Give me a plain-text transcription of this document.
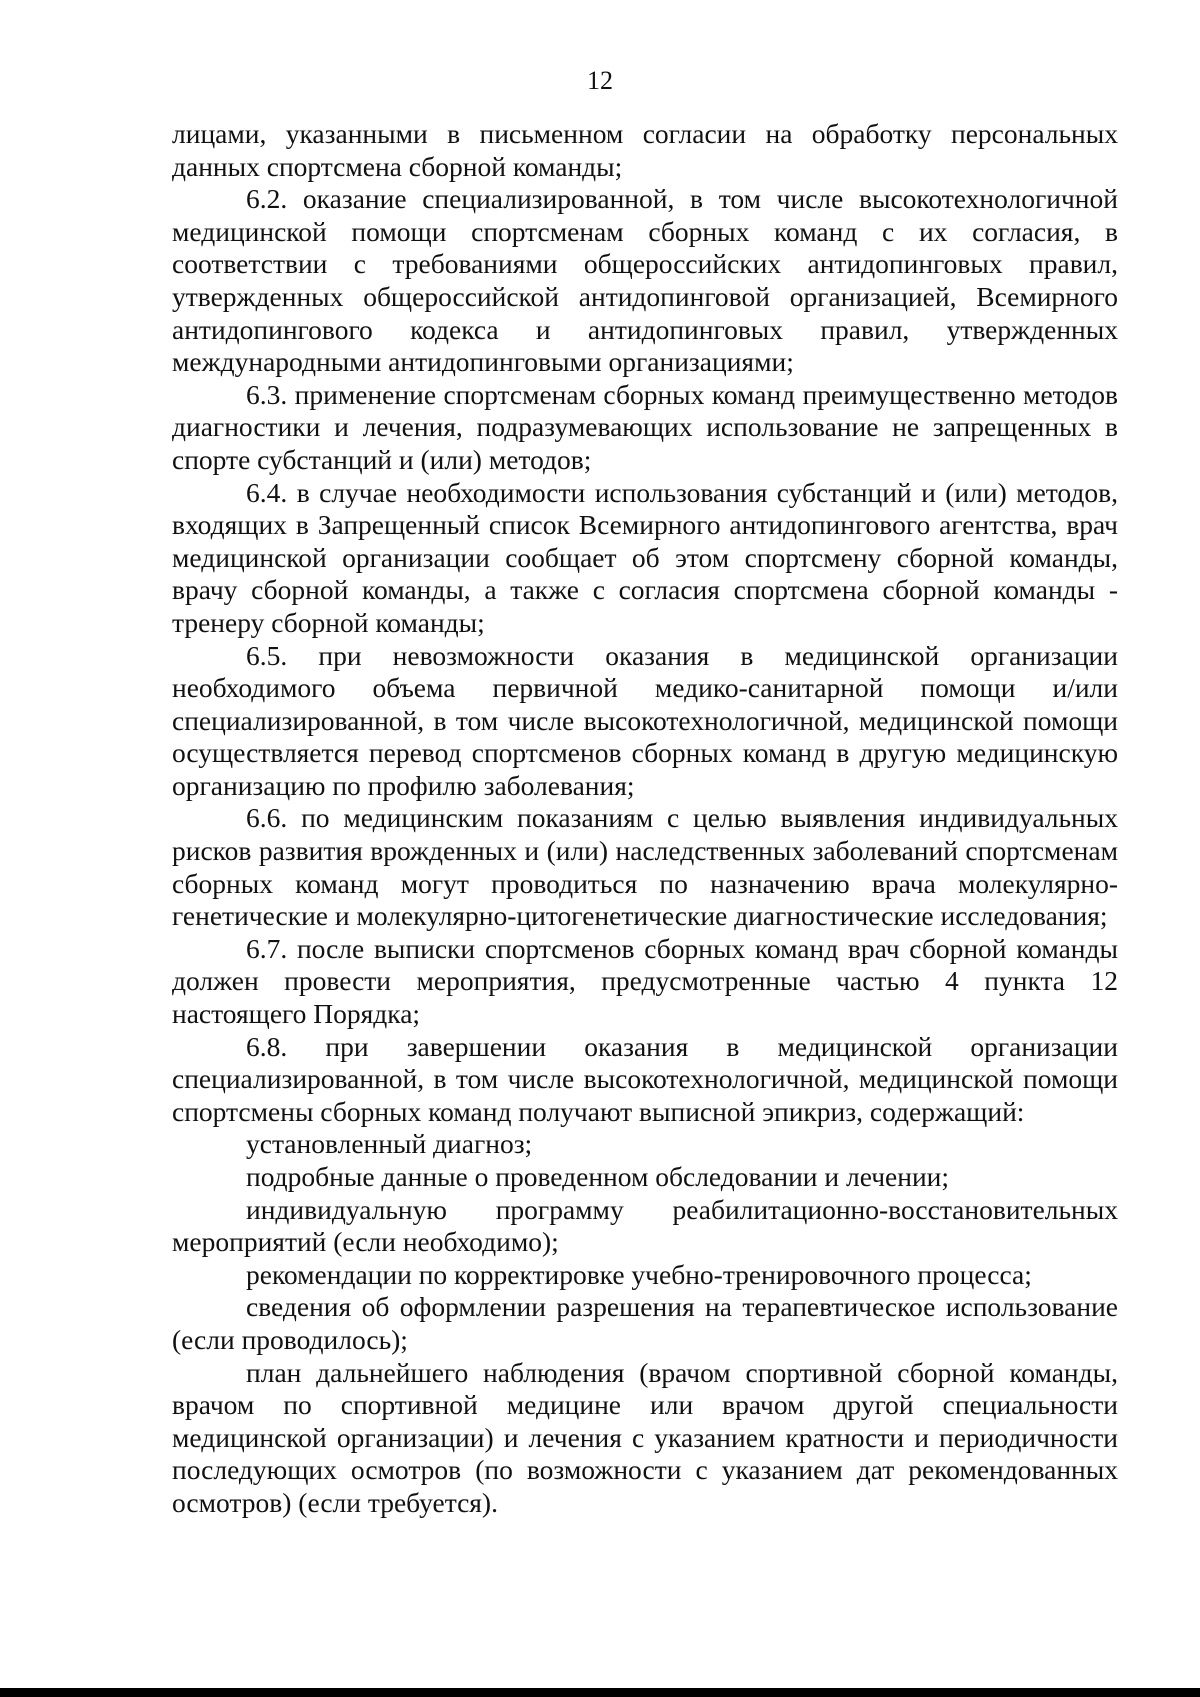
12

лицами, указанными в письменном согласии на обработку персональных данных спортсмена сборной команды;

6.2. оказание специализированной, в том числе высокотехнологичной медицинской помощи спортсменам сборных команд с их согласия, в соответствии с требованиями общероссийских антидопинговых правил, утвержденных общероссийской антидопинговой организацией, Всемирного антидопингового кодекса и антидопинговых правил, утвержденных международными антидопинговыми организациями;

6.3. применение спортсменам сборных команд преимущественно методов диагностики и лечения, подразумевающих использование не запрещенных в спорте субстанций и (или) методов;

6.4. в случае необходимости использования субстанций и (или) методов, входящих в Запрещенный список Всемирного антидопингового агентства, врач медицинской организации сообщает об этом спортсмену сборной команды, врачу сборной команды, а также с согласия спортсмена сборной команды - тренеру сборной команды;

6.5. при невозможности оказания в медицинской организации необходимого объема первичной медико-санитарной помощи и/или специализированной, в том числе высокотехнологичной, медицинской помощи осуществляется перевод спортсменов сборных команд в другую медицинскую организацию по профилю заболевания;

6.6. по медицинским показаниям с целью выявления индивидуальных рисков развития врожденных и (или) наследственных заболеваний спортсменам сборных команд могут проводиться по назначению врача молекулярно-генетические и молекулярно-цитогенетические диагностические исследования;

6.7. после выписки спортсменов сборных команд врач сборной команды должен провести мероприятия, предусмотренные частью 4 пункта 12 настоящего Порядка;

6.8. при завершении оказания в медицинской организации специализированной, в том числе высокотехнологичной, медицинской помощи спортсмены сборных команд получают выписной эпикриз, содержащий:

установленный диагноз;

подробные данные о проведенном обследовании и лечении;

индивидуальную программу реабилитационно-восстановительных мероприятий (если необходимо);

рекомендации по корректировке учебно-тренировочного процесса;

сведения об оформлении разрешения на терапевтическое использование (если проводилось);

план дальнейшего наблюдения (врачом спортивной сборной команды, врачом по спортивной медицине или врачом другой специальности медицинской организации) и лечения с указанием кратности и периодичности последующих осмотров (по возможности с указанием дат рекомендованных осмотров) (если требуется).
